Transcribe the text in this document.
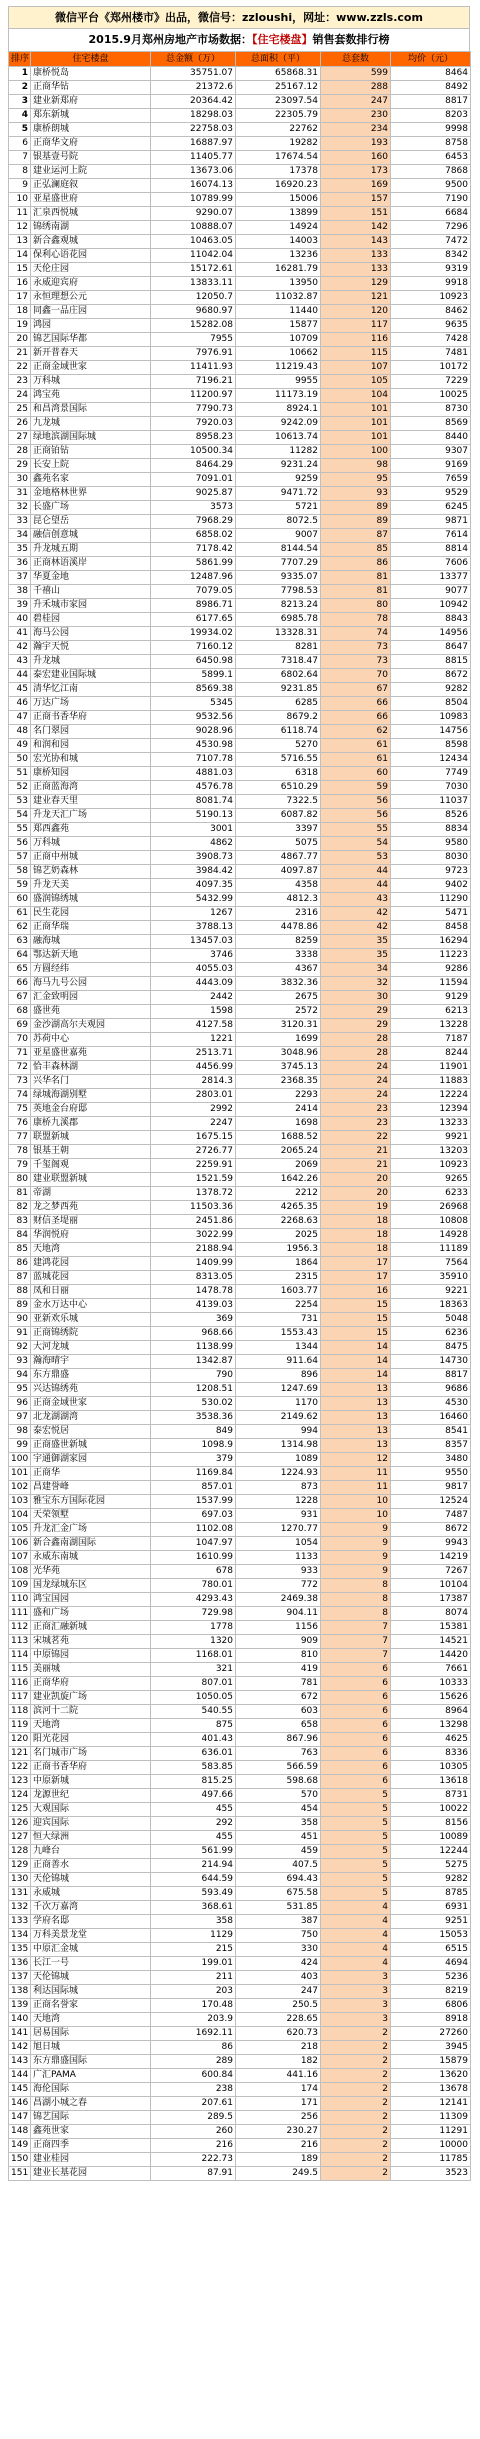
微信平台《郑州楼市》出品，微信号：zzloushi，网址：www.zzls.com
2015.9月郑州房地产市场数据：【住宅楼盘】销售套数排行榜
排序	住宅楼盘	总金额（万）	总面积（平）	总套数	均价（元）
1	康桥悦岛	35751.07	65868.31	599	8464
2	正商华钻	21372.6	25167.12	288	8492
3	建业新郑府	20364.42	23097.54	247	8817
4	郑东新城	18298.03	22305.79	230	8203
5	康桥朗城	22758.03	22762	234	9998
6	正商华文府	16887.97	19282	193	8758
7	银基壹号院	11405.77	17674.54	160	6453
8	建业运河上院	13673.06	17378	173	7868
9	正弘澜庭叙	16074.13	16920.23	169	9500
10	亚星盛世府	10789.99	15006	157	7190
11	汇泉西悦城	9290.07	13899	151	6684
12	锦绣南湖	10888.07	14924	142	7296
13	新合鑫观城	10463.05	14003	143	7472
14	保利心语花园	11042.04	13236	133	8342
15	天伦庄园	15172.61	16281.79	133	9319
16	永威迎宾府	13833.11	13950	129	9918
17	永恒理想公元	12050.7	11032.87	121	10923
18	同鑫一品庄园	9680.97	11440	120	8462
19	鸿园	15282.08	15877	117	9635
20	锦艺国际华都	7955	10709	116	7428
21	新开普春天	7976.91	10662	115	7481
22	正商金域世家	11411.93	11219.43	107	10172
23	万科城	7196.21	9955	105	7229
24	鸿宝苑	11200.97	11173.19	104	10025
25	和昌湾景国际	7790.73	8924.1	101	8730
26	九龙城	7920.03	9242.09	101	8569
27	绿地滨湖国际城	8958.23	10613.74	101	8440
28	正商铂钻	10500.34	11282	100	9307
29	长安上院	8464.29	9231.24	98	9169
30	鑫苑名家	7091.01	9259	95	7659
31	金地格林世界	9025.87	9471.72	93	9529
32	长盛广场	3573	5721	89	6245
33	昆仑望岳	7968.29	8072.5	89	9871
34	融信创意城	6858.02	9007	87	7614
35	升龙城五期	7178.42	8144.54	85	8814
36	正商林语溪岸	5861.99	7707.29	86	7606
37	华夏金地	12487.96	9335.07	81	13377
38	千禧山	7079.05	7798.53	81	9077
39	升禾城市家园	8986.71	8213.24	80	10942
40	碧桂园	6177.65	6985.78	78	8843
41	海马公园	19934.02	13328.31	74	14956
42	瀚宇天悦	7160.12	8281	73	8647
43	升龙城	6450.98	7318.47	73	8815
44	泰宏建业国际城	5899.1	6802.64	70	8672
45	清华忆江南	8569.38	9231.85	67	9282
46	万达广场	5345	6285	66	8504
47	正商书香华府	9532.56	8679.2	66	10983
48	名门翠园	9028.96	6118.74	62	14756
49	和润和园	4530.98	5270	61	8598
50	宏光协和城	7107.78	5716.55	61	12434
51	康桥知园	4881.03	6318	60	7749
52	正商蓝海湾	4576.78	6510.29	59	7030
53	建业春天里	8081.74	7322.5	56	11037
54	升龙天汇广场	5190.13	6087.82	56	8526
55	郑西鑫苑	3001	3397	55	8834
56	万科城	4862	5075	54	9580
57	正商中州城	3908.73	4867.77	53	8030
58	锦艺奶森林	3984.42	4097.87	44	9723
59	升龙天美	4097.35	4358	44	9402
60	盛润锦绣城	5432.99	4812.3	43	11290
61	民生花园	1267	2316	42	5471
62	正商华瑞	3788.13	4478.86	42	8458
63	融海城	13457.03	8259	35	16294
64	鄂达新天地	3746	3338	35	11223
65	方圆经纬	4055.03	4367	34	9286
66	海马九号公园	4443.09	3832.36	32	11594
67	汇金致明园	2442	2675	30	9129
68	盛世苑	1598	2572	29	6213
69	金沙湖高尔夫观园	4127.58	3120.31	29	13228
70	苏荷中心	1221	1699	28	7187
71	亚星盛世嘉苑	2513.71	3048.96	28	8244
72	恰丰森林湖	4456.99	3745.13	24	11901
73	兴华名门	2814.3	2368.35	24	11883
74	绿城海湖别墅	2803.01	2293	24	12224
75	英地金台府邸	2992	2414	23	12394
76	康桥九溪郡	2247	1698	23	13233
77	联盟新城	1675.15	1688.52	22	9921
78	银基王朝	2726.77	2065.24	21	13203
79	千玺阁观	2259.91	2069	21	10923
80	建业联盟新城	1521.59	1642.26	20	9265
81	帝湖	1378.72	2212	20	6233
82	龙之梦西苑	11503.36	4265.35	19	26968
83	财信圣堤丽	2451.86	2268.63	18	10808
84	华润悦府	3022.99	2025	18	14928
85	天地湾	2188.94	1956.3	18	11189
86	建鸿花园	1409.99	1864	17	7564
87	蓝城花园	8313.05	2315	17	35910
88	凤和日丽	1478.78	1603.77	16	9221
89	金水万达中心	4139.03	2254	15	18363
90	亚新欢乐城	369	731	15	5048
91	正商锦绣院	968.66	1553.43	15	6236
92	大河龙城	1138.99	1344	14	8475
93	瀚海晴宇	1342.87	911.64	14	14730
94	东方鼎盛	790	896	14	8817
95	兴达锦绣苑	1208.51	1247.69	13	9686
96	正商金域世家	530.02	1170	13	4530
97	北龙湖湖湾	3538.36	2149.62	13	16460
98	泰宏悦居	849	994	13	8541
99	正商盛世新城	1098.9	1314.98	13	8357
100	宇通御湖家园	379	1089	12	3480
101	正商华	1169.84	1224.93	11	9550
102	昌建誉峰	857.01	873	11	9817
103	雅宝东方国际花园	1537.99	1228	10	12524
104	天荣领墅	697.03	931	10	7487
105	升龙汇金广场	1102.08	1270.77	9	8672
106	新合鑫南湖国际	1047.97	1054	9	9943
107	永威东南城	1610.99	1133	9	14219
108	光华苑	678	933	9	7267
109	国龙绿城东区	780.01	772	8	10104
110	鸿宝国园	4293.43	2469.38	8	17387
111	盛和广场	729.98	904.11	8	8074
112	正商汇融新城	1778	1156	7	15381
113	宋城茗苑	1320	909	7	14521
114	中原锦园	1168.01	810	7	14420
115	美丽城	321	419	6	7661
116	正商华府	807.01	781	6	10333
117	建业凯旋广场	1050.05	672	6	15626
118	滨河十二院	540.55	603	6	8964
119	天地湾	875	658	6	13298
120	阳光花园	401.43	867.96	6	4625
121	名门城市广场	636.01	763	6	8336
122	正商书香华府	583.85	566.59	6	10305
123	中原新城	815.25	598.68	6	13618
124	龙源世纪	497.66	570	5	8731
125	大观国际	455	454	5	10022
126	迎宾国际	292	358	5	8156
127	恒大绿洲	455	451	5	10089
128	九峰台	561.99	459	5	12244
129	正商善水	214.94	407.5	5	5275
130	天伦锦城	644.59	694.43	5	9282
131	永威城	593.49	675.58	5	8785
132	千次万嘉湾	368.61	531.85	4	6931
133	学府名邸	358	387	4	9251
134	万科美景龙堂	1129	750	4	15053
135	中原汇金城	215	330	4	6515
136	长江一号	199.01	424	4	4694
137	天伦锦城	211	403	3	5236
138	利达国际城	203	247	3	8219
139	正商名誉家	170.48	250.5	3	6806
140	天地湾	203.9	228.65	3	8918
141	居易国际	1692.11	620.73	2	27260
142	旭日城	86	218	2	3945
143	东方鼎盛国际	289	182	2	15879
144	广汇PAMA	600.84	441.16	2	13620
145	海伦国际	238	174	2	13678
146	昌湖小城之春	207.61	171	2	12141
147	锦艺国际	289.5	256	2	11309
148	鑫苑世家	260	230.27	2	11291
149	正商四季	216	216	2	10000
150	建业桂园	222.73	189	2	11785
151	建业长基花园	87.91	249.5	2	3523
